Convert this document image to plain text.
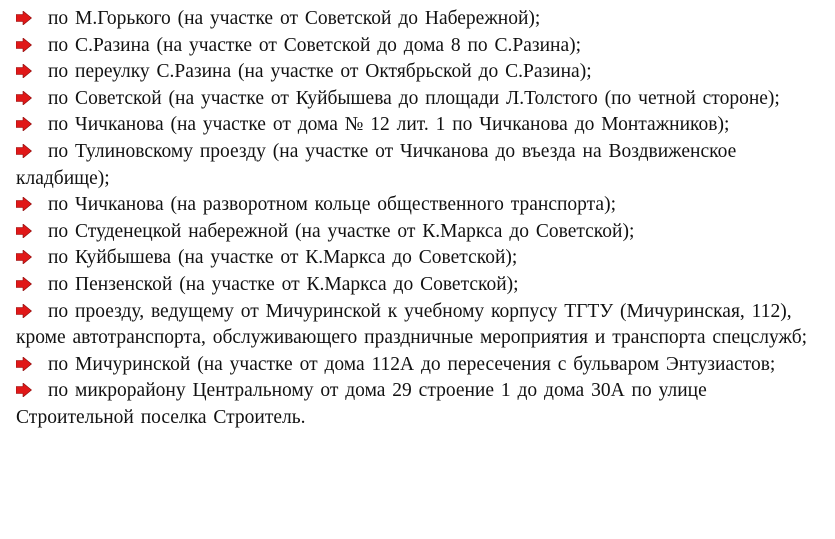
по М.Горького (на участке от Советской до Набережной);

по С.Разина (на участке от Советской до дома 8 по С.Разина);

по переулку С.Разина (на участке от Октябрьской до С.Разина);

по Советской (на участке от Куйбышева до площади Л.Толстого (по четной стороне);

по Чичканова (на участке от дома № 12 лит. 1 по Чичканова до Монтажников);

по Тулиновскому проезду (на участке от Чичканова до въезда на Воздвиженское кладбище);

по Чичканова (на разворотном кольце общественного транспорта);

по Студенецкой набережной (на участке от К.Маркса до Советской);

по Куйбышева (на участке от К.Маркса до Советской);

по Пензенской (на участке от К.Маркса до Советской);

по проезду, ведущему от Мичуринской к учебному корпусу ТГТУ (Мичуринская, 112), кроме автотранспорта, обслуживающего праздничные мероприятия и транспорта спецслужб;

по Мичуринской (на участке от дома 112А до пересечения с бульваром Энтузиастов;

по микрорайону Центральному от дома 29 строение 1 до дома 30А по улице Строительной поселка Строитель.
